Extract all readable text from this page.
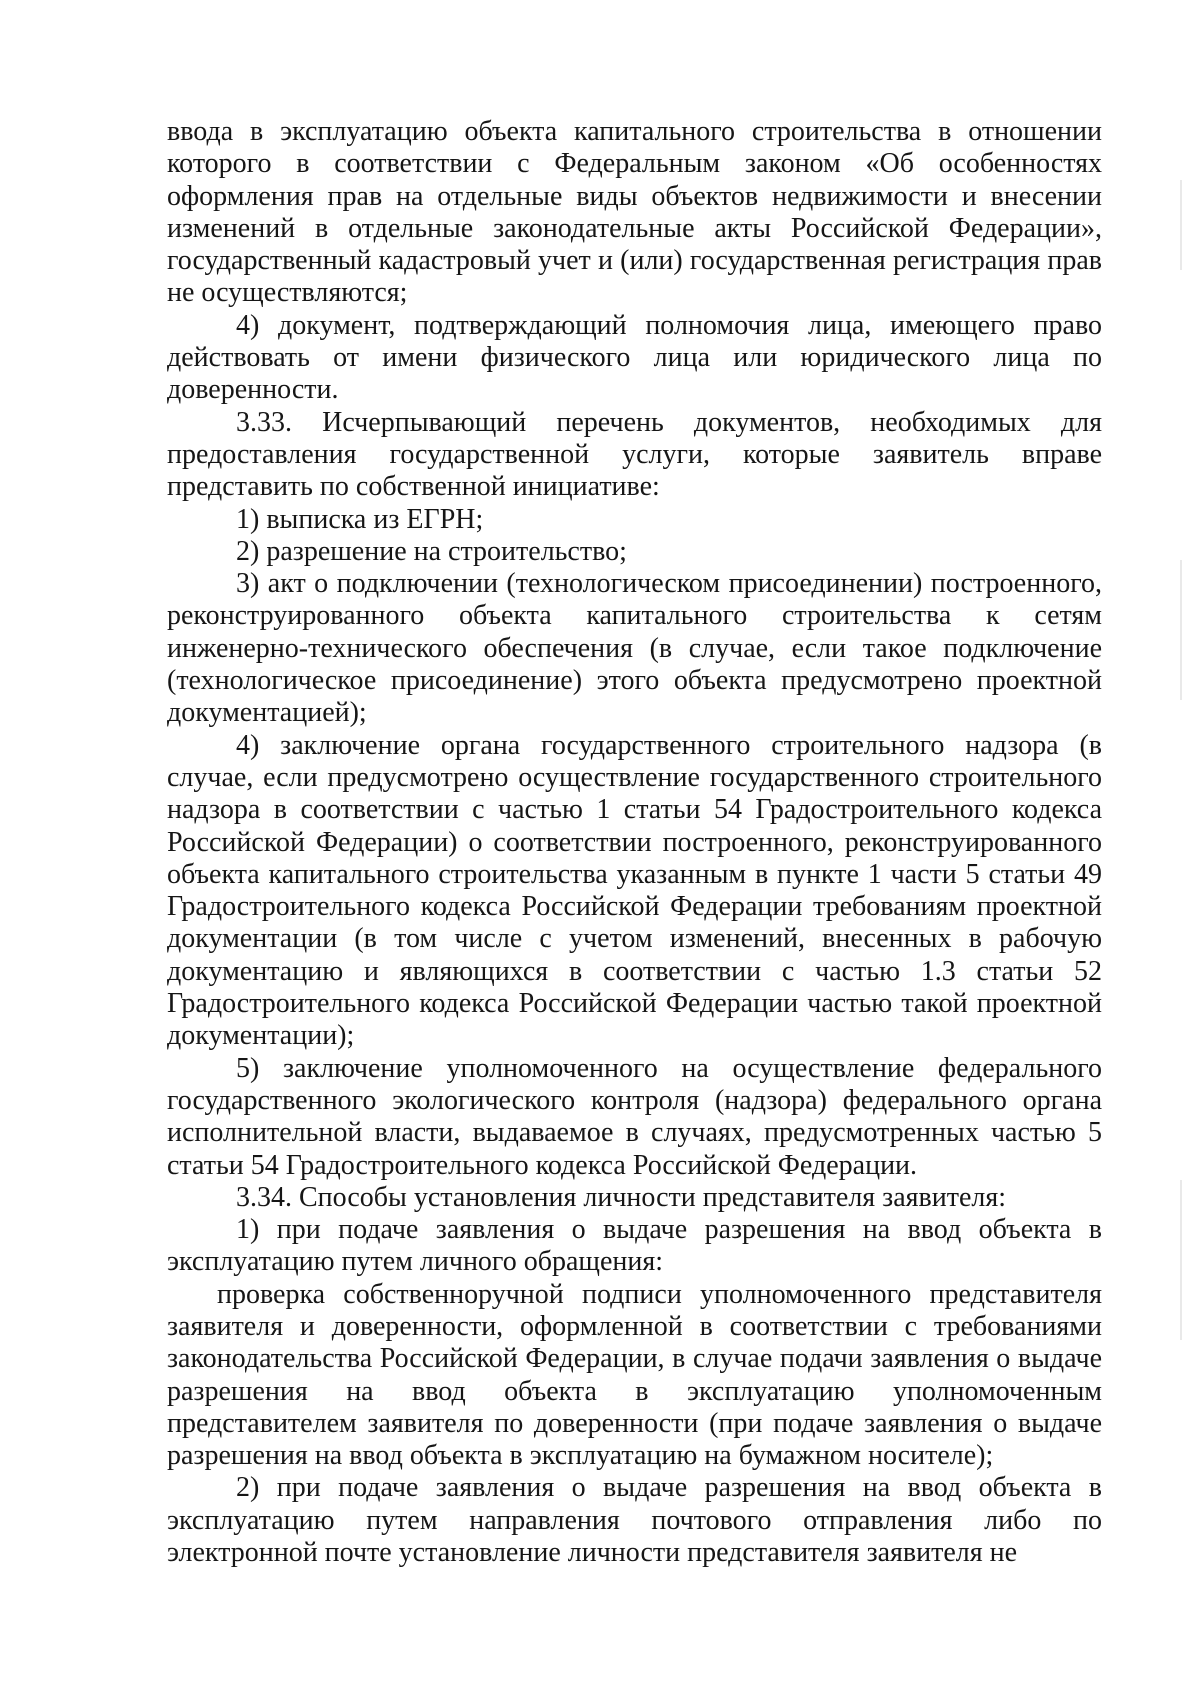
ввода в эксплуатацию объекта капитального строительства в отношении которого в соответствии с Федеральным законом «Об особенностях оформления прав на отдельные виды объектов недвижимости и внесении изменений в отдельные законодательные акты Российской Федерации», государственный кадастровый учет и (или) государственная регистрация прав не осуществляются;

4) документ, подтверждающий полномочия лица, имеющего право действовать от имени физического лица или юридического лица по доверенности.

3.33. Исчерпывающий перечень документов, необходимых для предоставления государственной услуги, которые заявитель вправе представить по собственной инициативе:

1) выписка из ЕГРН;

2) разрешение на строительство;

3) акт о подключении (технологическом присоединении) построенного, реконструированного объекта капитального строительства к сетям инженерно-технического обеспечения (в случае, если такое подключение (технологическое присоединение) этого объекта предусмотрено проектной документацией);

4) заключение органа государственного строительного надзора (в случае, если предусмотрено осуществление государственного строительного надзора в соответствии с частью 1 статьи 54 Градостроительного кодекса Российской Федерации) о соответствии построенного, реконструированного объекта капитального строительства указанным в пункте 1 части 5 статьи 49 Градостроительного кодекса Российской Федерации требованиям проектной документации (в том числе с учетом изменений, внесенных в рабочую документацию и являющихся в соответствии с частью 1.3 статьи 52 Градостроительного кодекса Российской Федерации частью такой проектной документации);

5) заключение уполномоченного на осуществление федерального государственного экологического контроля (надзора) федерального органа исполнительной власти, выдаваемое в случаях, предусмотренных частью 5 статьи 54 Градостроительного кодекса Российской Федерации.

3.34. Способы установления личности представителя заявителя:

1) при подаче заявления о выдаче разрешения на ввод объекта в эксплуатацию путем личного обращения:

проверка собственноручной подписи уполномоченного представителя заявителя и доверенности, оформленной в соответствии с требованиями законодательства Российской Федерации, в случае подачи заявления о выдаче разрешения на ввод объекта в эксплуатацию уполномоченным представителем заявителя по доверенности (при подаче заявления о выдаче разрешения на ввод объекта в эксплуатацию на бумажном носителе);

2) при подаче заявления о выдаче разрешения на ввод объекта в эксплуатацию путем направления почтового отправления либо по электронной почте установление личности представителя заявителя не
